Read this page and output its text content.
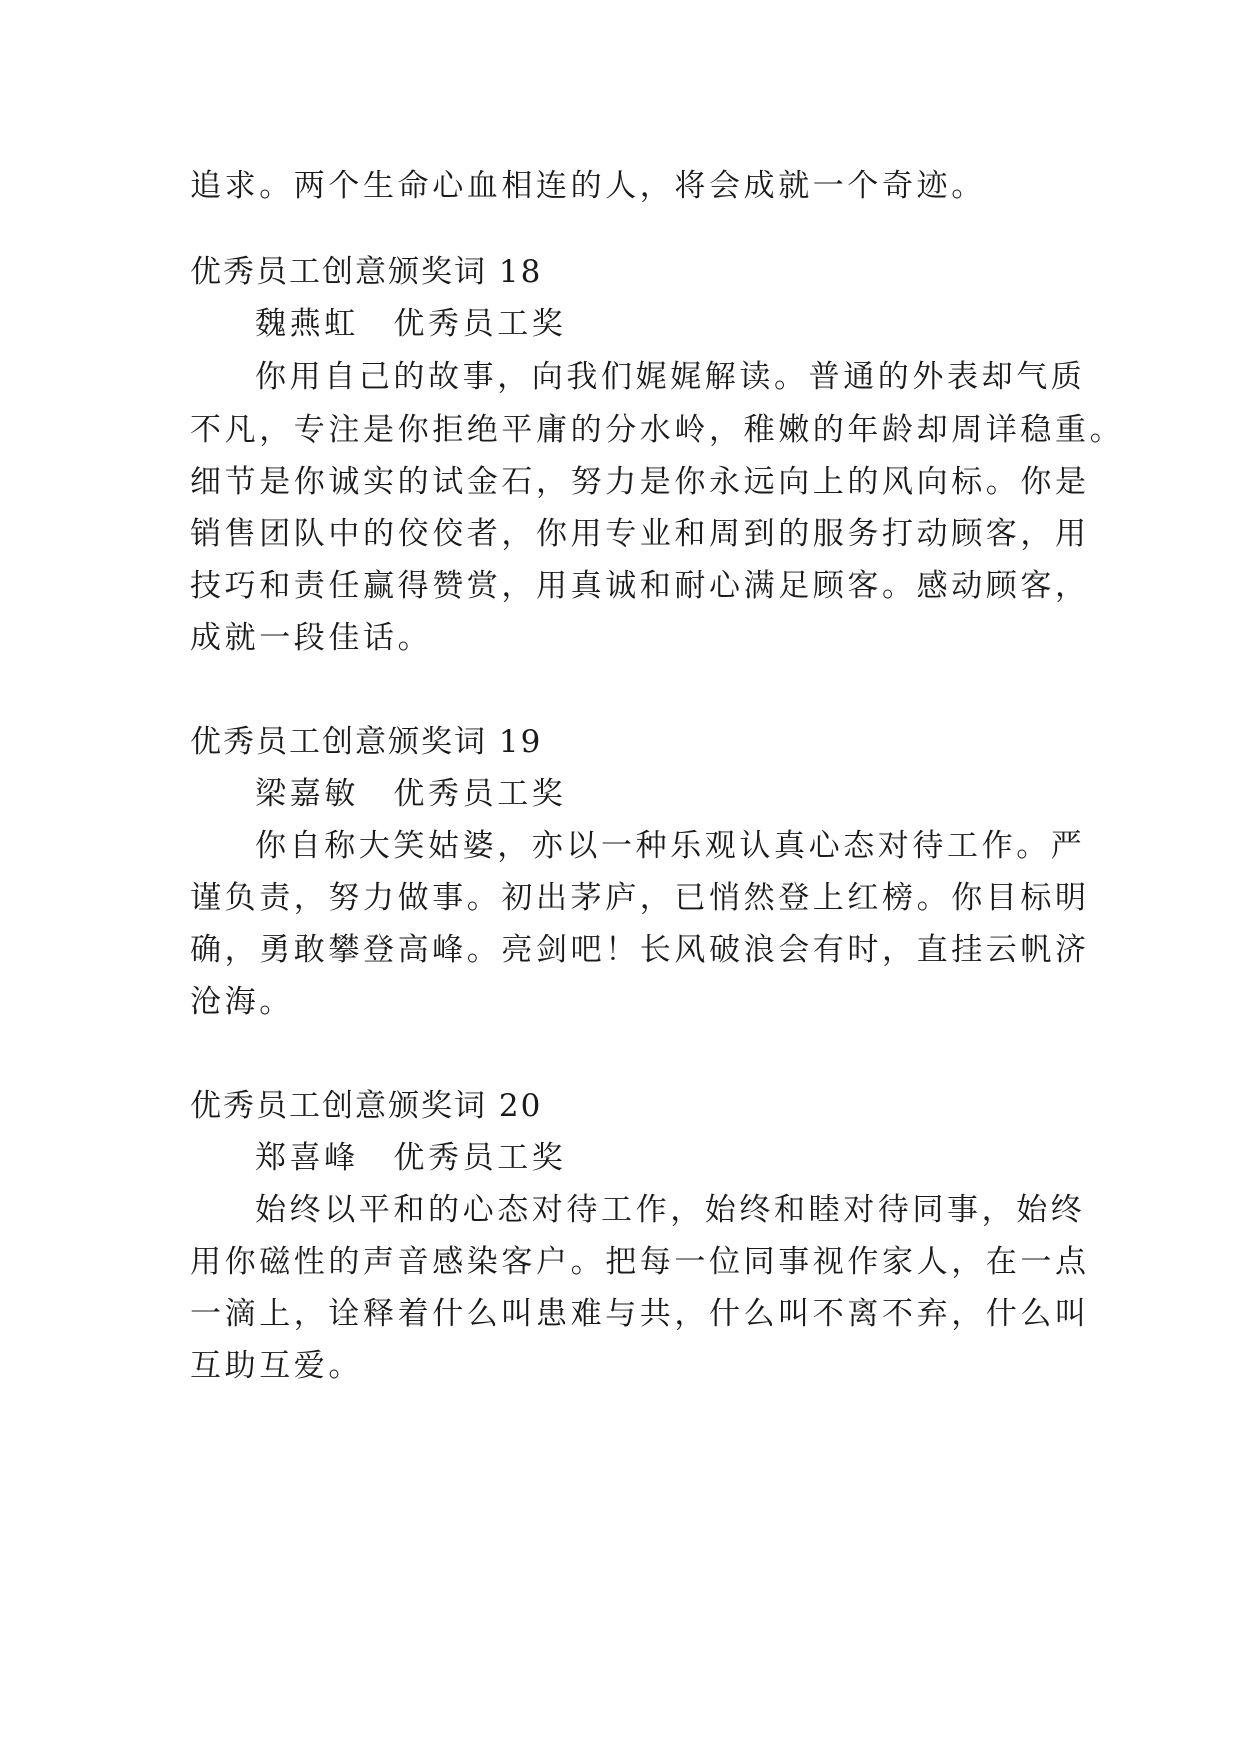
追求。两个生命心血相连的人，将会成就一个奇迹。
优秀员工创意颁奖词 18
魏燕虹　优秀员工奖
你用自己的故事，向我们娓娓解读。普通的外表却气质
不凡，专注是你拒绝平庸的分水岭，稚嫩的年龄却周详稳重。
细节是你诚实的试金石，努力是你永远向上的风向标。你是
销售团队中的佼佼者，你用专业和周到的服务打动顾客，用
技巧和责任赢得赞赏，用真诚和耐心满足顾客。感动顾客，
成就一段佳话。
优秀员工创意颁奖词 19
梁嘉敏　优秀员工奖
你自称大笑姑婆，亦以一种乐观认真心态对待工作。严
谨负责，努力做事。初出茅庐，已悄然登上红榜。你目标明
确，勇敢攀登高峰。亮剑吧！长风破浪会有时，直挂云帆济
沧海。
优秀员工创意颁奖词 20
郑喜峰　优秀员工奖
始终以平和的心态对待工作，始终和睦对待同事，始终
用你磁性的声音感染客户。把每一位同事视作家人，在一点
一滴上，诠释着什么叫患难与共，什么叫不离不弃，什么叫
互助互爱。
